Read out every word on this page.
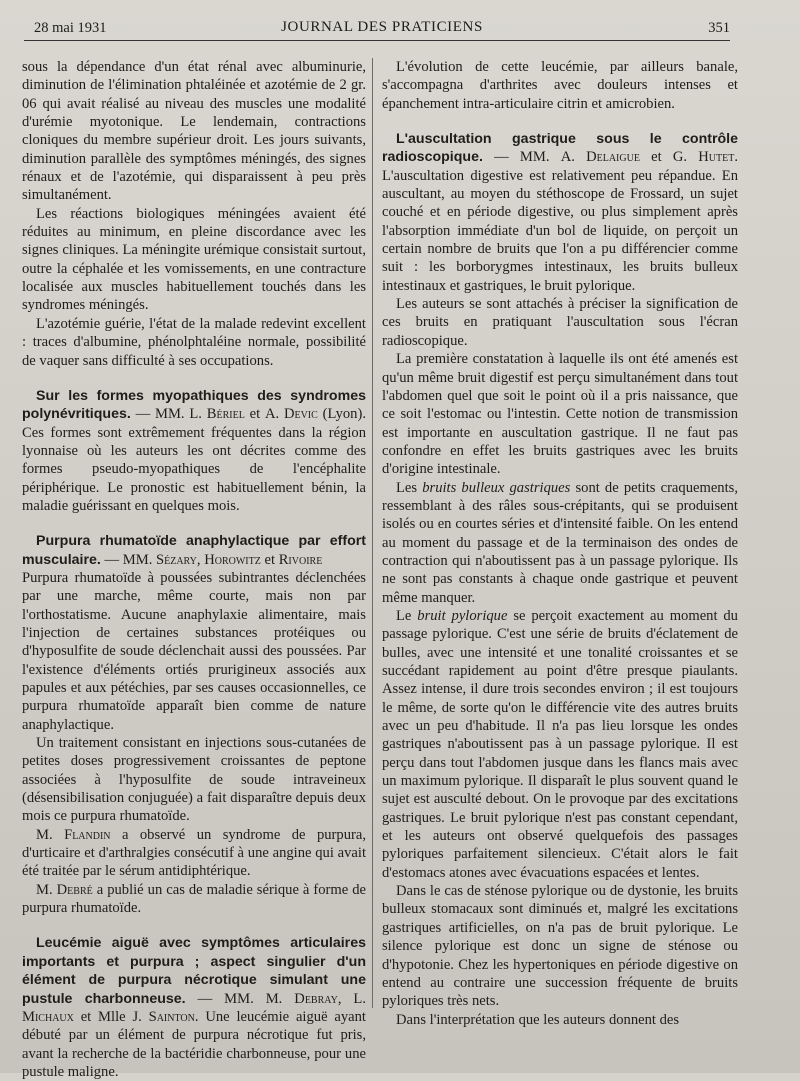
28 mai 1931	JOURNAL DES PRATICIENS	351

sous la dépendance d'un état rénal avec albuminurie, diminution de l'élimination phtaléinée et azotémie de 2 gr. 06 qui avait réalisé au niveau des muscles une modalité d'urémie myotonique. Le lendemain, contractions cloniques du membre supérieur droit. Les jours suivants, diminution parallèle des symptômes méningés, des signes rénaux et de l'azotémie, qui disparaissent à peu près simultanément.

Les réactions biologiques méningées avaient été réduites au minimum, en pleine discordance avec les signes cliniques. La méningite urémique consistait surtout, outre la céphalée et les vomissements, en une contracture localisée aux muscles habituellement touchés dans les syndromes méningés.

L'azotémie guérie, l'état de la malade redevint excellent : traces d'albumine, phénolphtaléine normale, possibilité de vaquer sans difficulté à ses occupations.

Sur les formes myopathiques des syndromes polynévritiques. — MM. L. Bériel et A. Devic (Lyon). Ces formes sont extrêmement fréquentes dans la région lyonnaise où les auteurs les ont décrites comme des formes pseudo-myopathiques de l'encéphalite périphérique. Le pronostic est habituellement bénin, la maladie guérissant en quelques mois.

Purpura rhumatoïde anaphylactique par effort musculaire. — MM. Sézary, Horowitz et Rivoire

Purpura rhumatoïde à poussées subintrantes déclenchées par une marche, même courte, mais non par l'orthostatisme. Aucune anaphylaxie alimentaire, mais l'injection de certaines substances protéiques ou d'hyposulfite de soude déclenchait aussi des poussées. Par l'existence d'éléments ortiés prurigineux associés aux papules et aux pétéchies, par ses causes occasionnelles, ce purpura rhumatoïde apparaît bien comme de nature anaphylactique.

Un traitement consistant en injections sous-cutanées de petites doses progressivement croissantes de peptone associées à l'hyposulfite de soude intraveineux (désensibilisation conjuguée) a fait disparaître depuis deux mois ce purpura rhumatoïde.

M. Flandin a observé un syndrome de purpura, d'urticaire et d'arthralgies consécutif à une angine qui avait été traitée par le sérum antidiphtérique.

M. Debré a publié un cas de maladie sérique à forme de purpura rhumatoïde.

Leucémie aiguë avec symptômes articulaires importants et purpura ; aspect singulier d'un élément de purpura nécrotique simulant une pustule charbonneuse. — MM. M. Debray, L. Michaux et Mlle J. Sainton. Une leucémie aiguë ayant débuté par un élément de purpura nécrotique fut pris, avant la recherche de la bactéridie charbonneuse, pour une pustule maligne.

L'évolution de cette leucémie, par ailleurs banale, s'accompagna d'arthrites avec douleurs intenses et épanchement intra-articulaire citrin et amicrobien.

L'auscultation gastrique sous le contrôle radioscopique. — MM. A. Delaigue et G. Hutet. L'auscultation digestive est relativement peu répandue. En auscultant, au moyen du stéthoscope de Frossard, un sujet couché et en période digestive, ou plus simplement après l'absorption immédiate d'un bol de liquide, on perçoit un certain nombre de bruits que l'on a pu différencier comme suit : les borborygmes intestinaux, les bruits bulleux intestinaux et gastriques, le bruit pylorique.

Les auteurs se sont attachés à préciser la signification de ces bruits en pratiquant l'auscultation sous l'écran radioscopique.

La première constatation à laquelle ils ont été amenés est qu'un même bruit digestif est perçu simultanément dans tout l'abdomen quel que soit le point où il a pris naissance, que ce soit l'estomac ou l'intestin. Cette notion de transmission est importante en auscultation gastrique. Il ne faut pas confondre en effet les bruits gastriques avec les bruits d'origine intestinale.

Les bruits bulleux gastriques sont de petits craquements, ressemblant à des râles sous-crépitants, qui se produisent isolés ou en courtes séries et d'intensité faible. On les entend au moment du passage et de la terminaison des ondes de contraction qui n'aboutissent pas à un passage pylorique. Ils ne sont pas constants à chaque onde gastrique et peuvent même manquer.

Le bruit pylorique se perçoit exactement au moment du passage pylorique. C'est une série de bruits d'éclatement de bulles, avec une intensité et une tonalité croissantes et se succédant rapidement au point d'être presque piaulants. Assez intense, il dure trois secondes environ ; il est toujours le même, de sorte qu'on le différencie vite des autres bruits avec un peu d'habitude. Il n'a pas lieu lorsque les ondes gastriques n'aboutissent pas à un passage pylorique. Il est perçu dans tout l'abdomen jusque dans les flancs mais avec un maximum pylorique. Il disparaît le plus souvent quand le sujet est ausculté debout. On le provoque par des excitations gastriques. Le bruit pylorique n'est pas constant cependant, et les auteurs ont observé quelquefois des passages pyloriques parfaitement silencieux. C'était alors le fait d'estomacs atones avec évacuations espacées et lentes.

Dans le cas de sténose pylorique ou de dystonie, les bruits bulleux stomacaux sont diminués et, malgré les excitations gastriques artificielles, on n'a pas de bruit pylorique. Le silence pylorique est donc un signe de sténose ou d'hypotonie. Chez les hypertoniques en période digestive on entend au contraire une succession fréquente de bruits pyloriques très nets.

Dans l'interprétation que les auteurs donnent des
